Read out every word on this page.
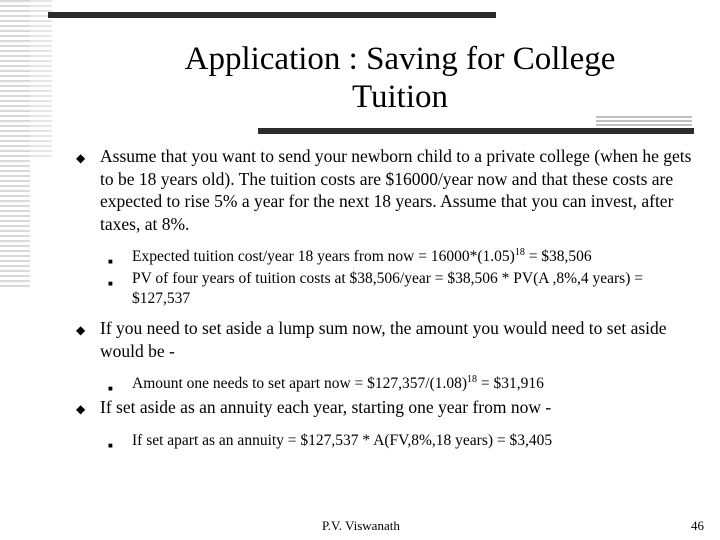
Application : Saving for College
Tuition
◆ Assume that you want to send your newborn child to a private college (when he gets to be 18 years old). The tuition costs are $16000/year now and that these costs are expected to rise 5% a year for the next 18 years. Assume that you can invest, after taxes, at 8%.
■ Expected tuition cost/year 18 years from now = $16000*(1.05)^{18}$ = $38,506
■ PV of four years of tuition costs at $38,506/year = $38,506 * PV(A ,8%,4 years) = $127,537
◆ If you need to set aside a lump sum now, the amount you would need to set aside would be -
■ Amount one needs to set apart now = $\$127,357/(1.08)^{18}$ = $31,916
◆ If set aside as an annuity each year, starting one year from now -
■ If set apart as an annuity = $127,537 * A(FV,8%,18 years) = $3,405
P.V. Viswanath	46
